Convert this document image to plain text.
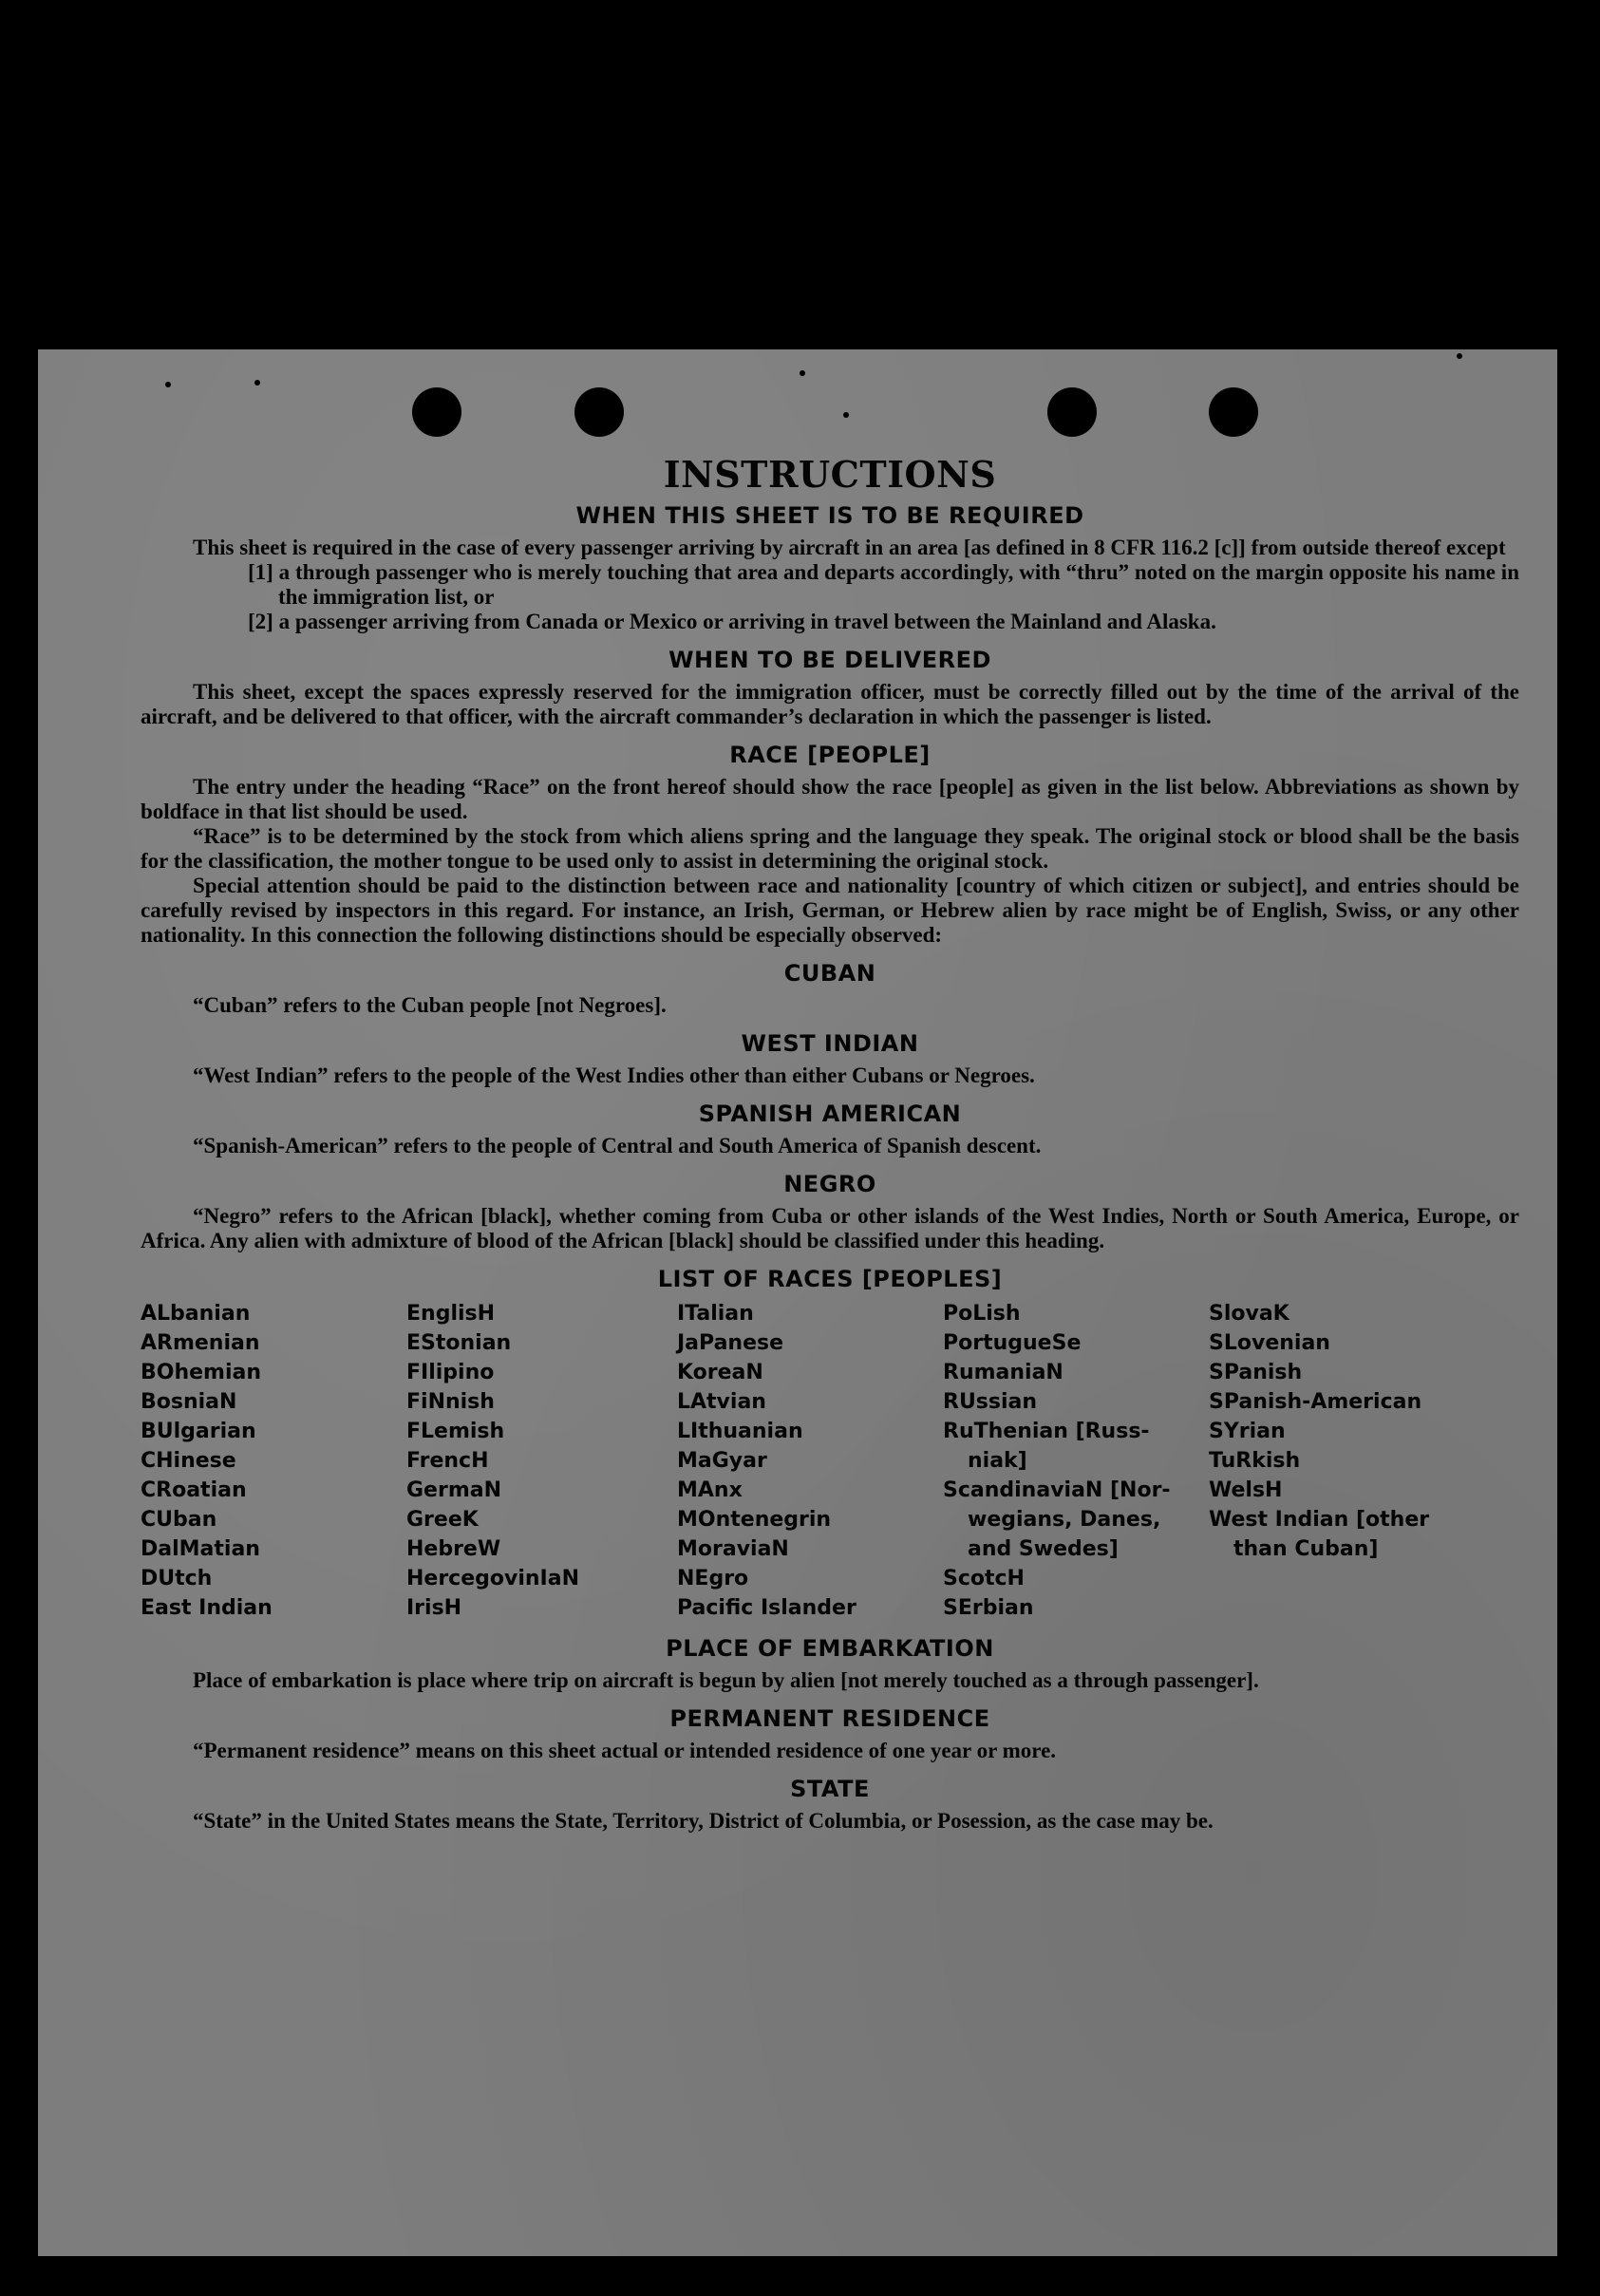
INSTRUCTIONS
WHEN THIS SHEET IS TO BE REQUIRED

This sheet is required in the case of every passenger arriving by aircraft in an area [as defined in 8 CFR 116.2 [c]] from outside thereof except

[1] a through passenger who is merely touching that area and departs accordingly, with “thru” noted on the margin opposite his name in the immigration list, or

[2] a passenger arriving from Canada or Mexico or arriving in travel between the Mainland and Alaska.

WHEN TO BE DELIVERED

This sheet, except the spaces expressly reserved for the immigration officer, must be correctly filled out by the time of the arrival of the aircraft, and be delivered to that officer, with the aircraft commander’s declaration in which the passenger is listed.

RACE [PEOPLE]

The entry under the heading “Race” on the front hereof should show the race [people] as given in the list below. Abbreviations as shown by boldface in that list should be used.

“Race” is to be determined by the stock from which aliens spring and the language they speak. The original stock or blood shall be the basis for the classification, the mother tongue to be used only to assist in determining the original stock.

Special attention should be paid to the distinction between race and nationality [country of which citizen or subject], and entries should be carefully revised by inspectors in this regard. For instance, an Irish, German, or Hebrew alien by race might be of English, Swiss, or any other nationality. In this connection the following distinctions should be especially observed:

CUBAN

“Cuban” refers to the Cuban people [not Negroes].

WEST INDIAN

“West Indian” refers to the people of the West Indies other than either Cubans or Negroes.

SPANISH AMERICAN

“Spanish-American” refers to the people of Central and South America of Spanish descent.

NEGRO

“Negro” refers to the African [black], whether coming from Cuba or other islands of the West Indies, North or South America, Europe, or Africa. Any alien with admixture of blood of the African [black] should be classified under this heading.

LIST OF RACES [PEOPLES]
ALbanian
ARmenian
BOhemian
BosniaN
BUlgarian
CHinese
CRoatian
CUban
DalMatian
DUtch
East Indian
EnglisH
EStonian
FIlipino
FiNnish
FLemish
FrencH
GermaN
GreeK
HebreW
HercegovinIaN
IrisH
ITalian
JaPanese
KoreaN
LAtvian
LIthuanian
MaGyar
MAnx
MOntenegrin
MoraviaN
NEgro
Pacific Islander
PoLish
PortugueSe
RumaniaN
RUssian
RuThenian [Russ-
niak]
ScandinaviaN [Nor-
wegians, Danes,
and Swedes]
ScotcH
SErbian
SlovaK
SLovenian
SPanish
SPanish-American
SYrian
TuRkish
WelsH
West Indian [other
than Cuban]
PLACE OF EMBARKATION

Place of embarkation is place where trip on aircraft is begun by alien [not merely touched as a through passenger].

PERMANENT RESIDENCE

“Permanent residence” means on this sheet actual or intended residence of one year or more.

STATE

“State” in the United States means the State, Territory, District of Columbia, or Posession, as the case may be.
